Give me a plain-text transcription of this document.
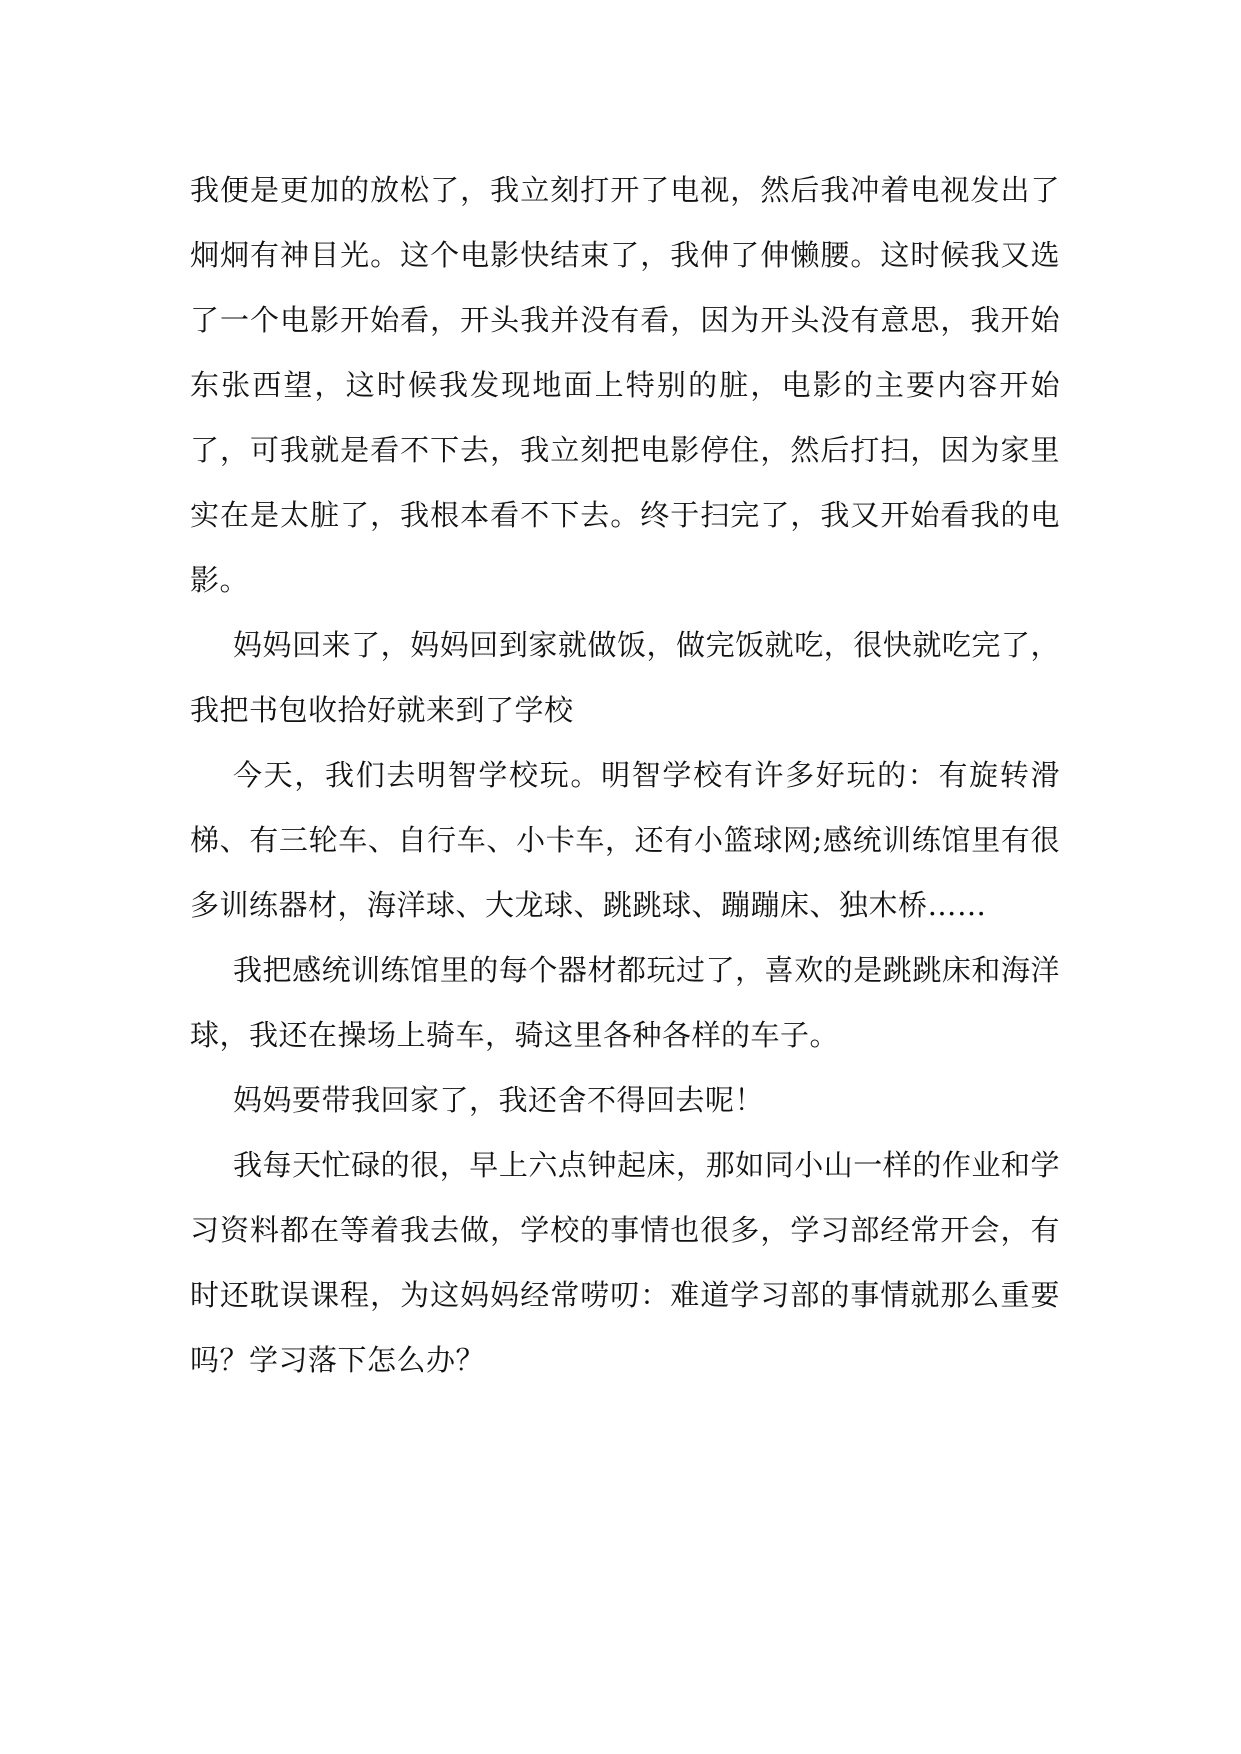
我便是更加的放松了，我立刻打开了电视，然后我冲着电视发出了炯炯有神目光。这个电影快结束了，我伸了伸懒腰。这时候我又选了一个电影开始看，开头我并没有看，因为开头没有意思，我开始东张西望，这时候我发现地面上特别的脏，电影的主要内容开始了，可我就是看不下去，我立刻把电影停住，然后打扫，因为家里实在是太脏了，我根本看不下去。终于扫完了，我又开始看我的电影。

妈妈回来了，妈妈回到家就做饭，做完饭就吃，很快就吃完了，我把书包收拾好就来到了学校

今天，我们去明智学校玩。明智学校有许多好玩的：有旋转滑梯、有三轮车、自行车、小卡车，还有小篮球网;感统训练馆里有很多训练器材，海洋球、大龙球、跳跳球、蹦蹦床、独木桥……

我把感统训练馆里的每个器材都玩过了，喜欢的是跳跳床和海洋球，我还在操场上骑车，骑这里各种各样的车子。

妈妈要带我回家了，我还舍不得回去呢！

我每天忙碌的很，早上六点钟起床，那如同小山一样的作业和学习资料都在等着我去做，学校的事情也很多，学习部经常开会，有时还耽误课程，为这妈妈经常唠叨：难道学习部的事情就那么重要吗？学习落下怎么办？
